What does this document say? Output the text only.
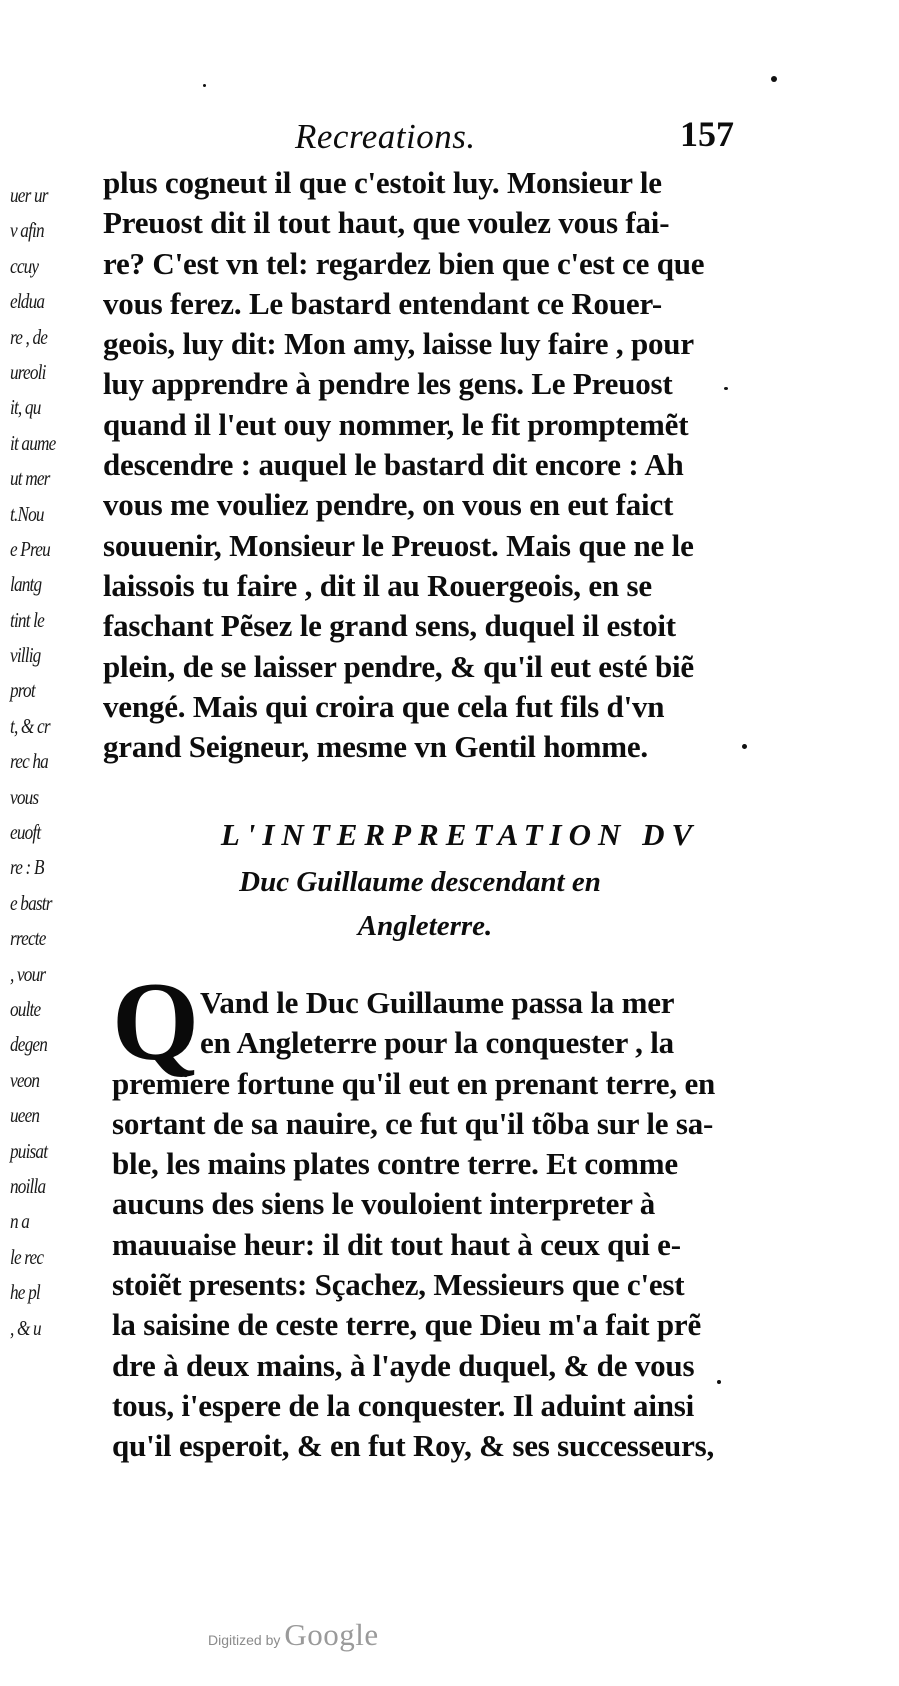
uer ur
v afin
ccuy
eldua
re , de
ureoli
it, qu
it aume
ut mer
t.Nou
e Preu
lantg
tint le
villig
prot
t, & cr
rec ha
vous
euoft
re : B
e bastr
rrecte
, vour
oulte
degen
veon
ueen
puisat
noilla
n a
le rec
he pl
, & u
Recreations.	157
plus cogneut il que c'estoit luy. Monsieur le
Preuost dit il tout haut, que voulez vous fai-
re? C'est vn tel: regardez bien que c'est ce que
vous ferez. Le bastard entendant ce Rouer-
geois, luy dit: Mon amy, laisse luy faire , pour
luy apprendre à pendre les gens. Le Preuost
quand il l'eut ouy nommer, le fit promptemẽt
descendre : auquel le bastard dit encore : Ah
vous me vouliez pendre, on vous en eut faict
souuenir, Monsieur le Preuost. Mais que ne le
laissois tu faire , dit il au Rouergeois, en se
faschant Pẽsez le grand sens, duquel il estoit
plein, de se laisser pendre, & qu'il eut esté biẽ
vengé. Mais qui croira que cela fut fils d'vn
grand Seigneur, mesme vn Gentil homme.
L'INTERPRETATION DV
Duc Guillaume descendant en
Angleterre.
Q Vand le Duc Guillaume passa la mer
en Angleterre pour la conquester , la
premiere fortune qu'il eut en prenant terre, en
sortant de sa nauire, ce fut qu'il tõba sur le sa-
ble, les mains plates contre terre. Et comme
aucuns des siens le vouloient interpreter à
mauuaise heur: il dit tout haut à ceux qui e-
stoiẽt presents: Sçachez, Messieurs que c'est
la saisine de ceste terre, que Dieu m'a fait prẽ
dre à deux mains, à l'ayde duquel, & de vous
tous, i'espere de la conquester. Il aduint ainsi
qu'il esperoit, & en fut Roy, & ses successeurs,
Digitized by Google
